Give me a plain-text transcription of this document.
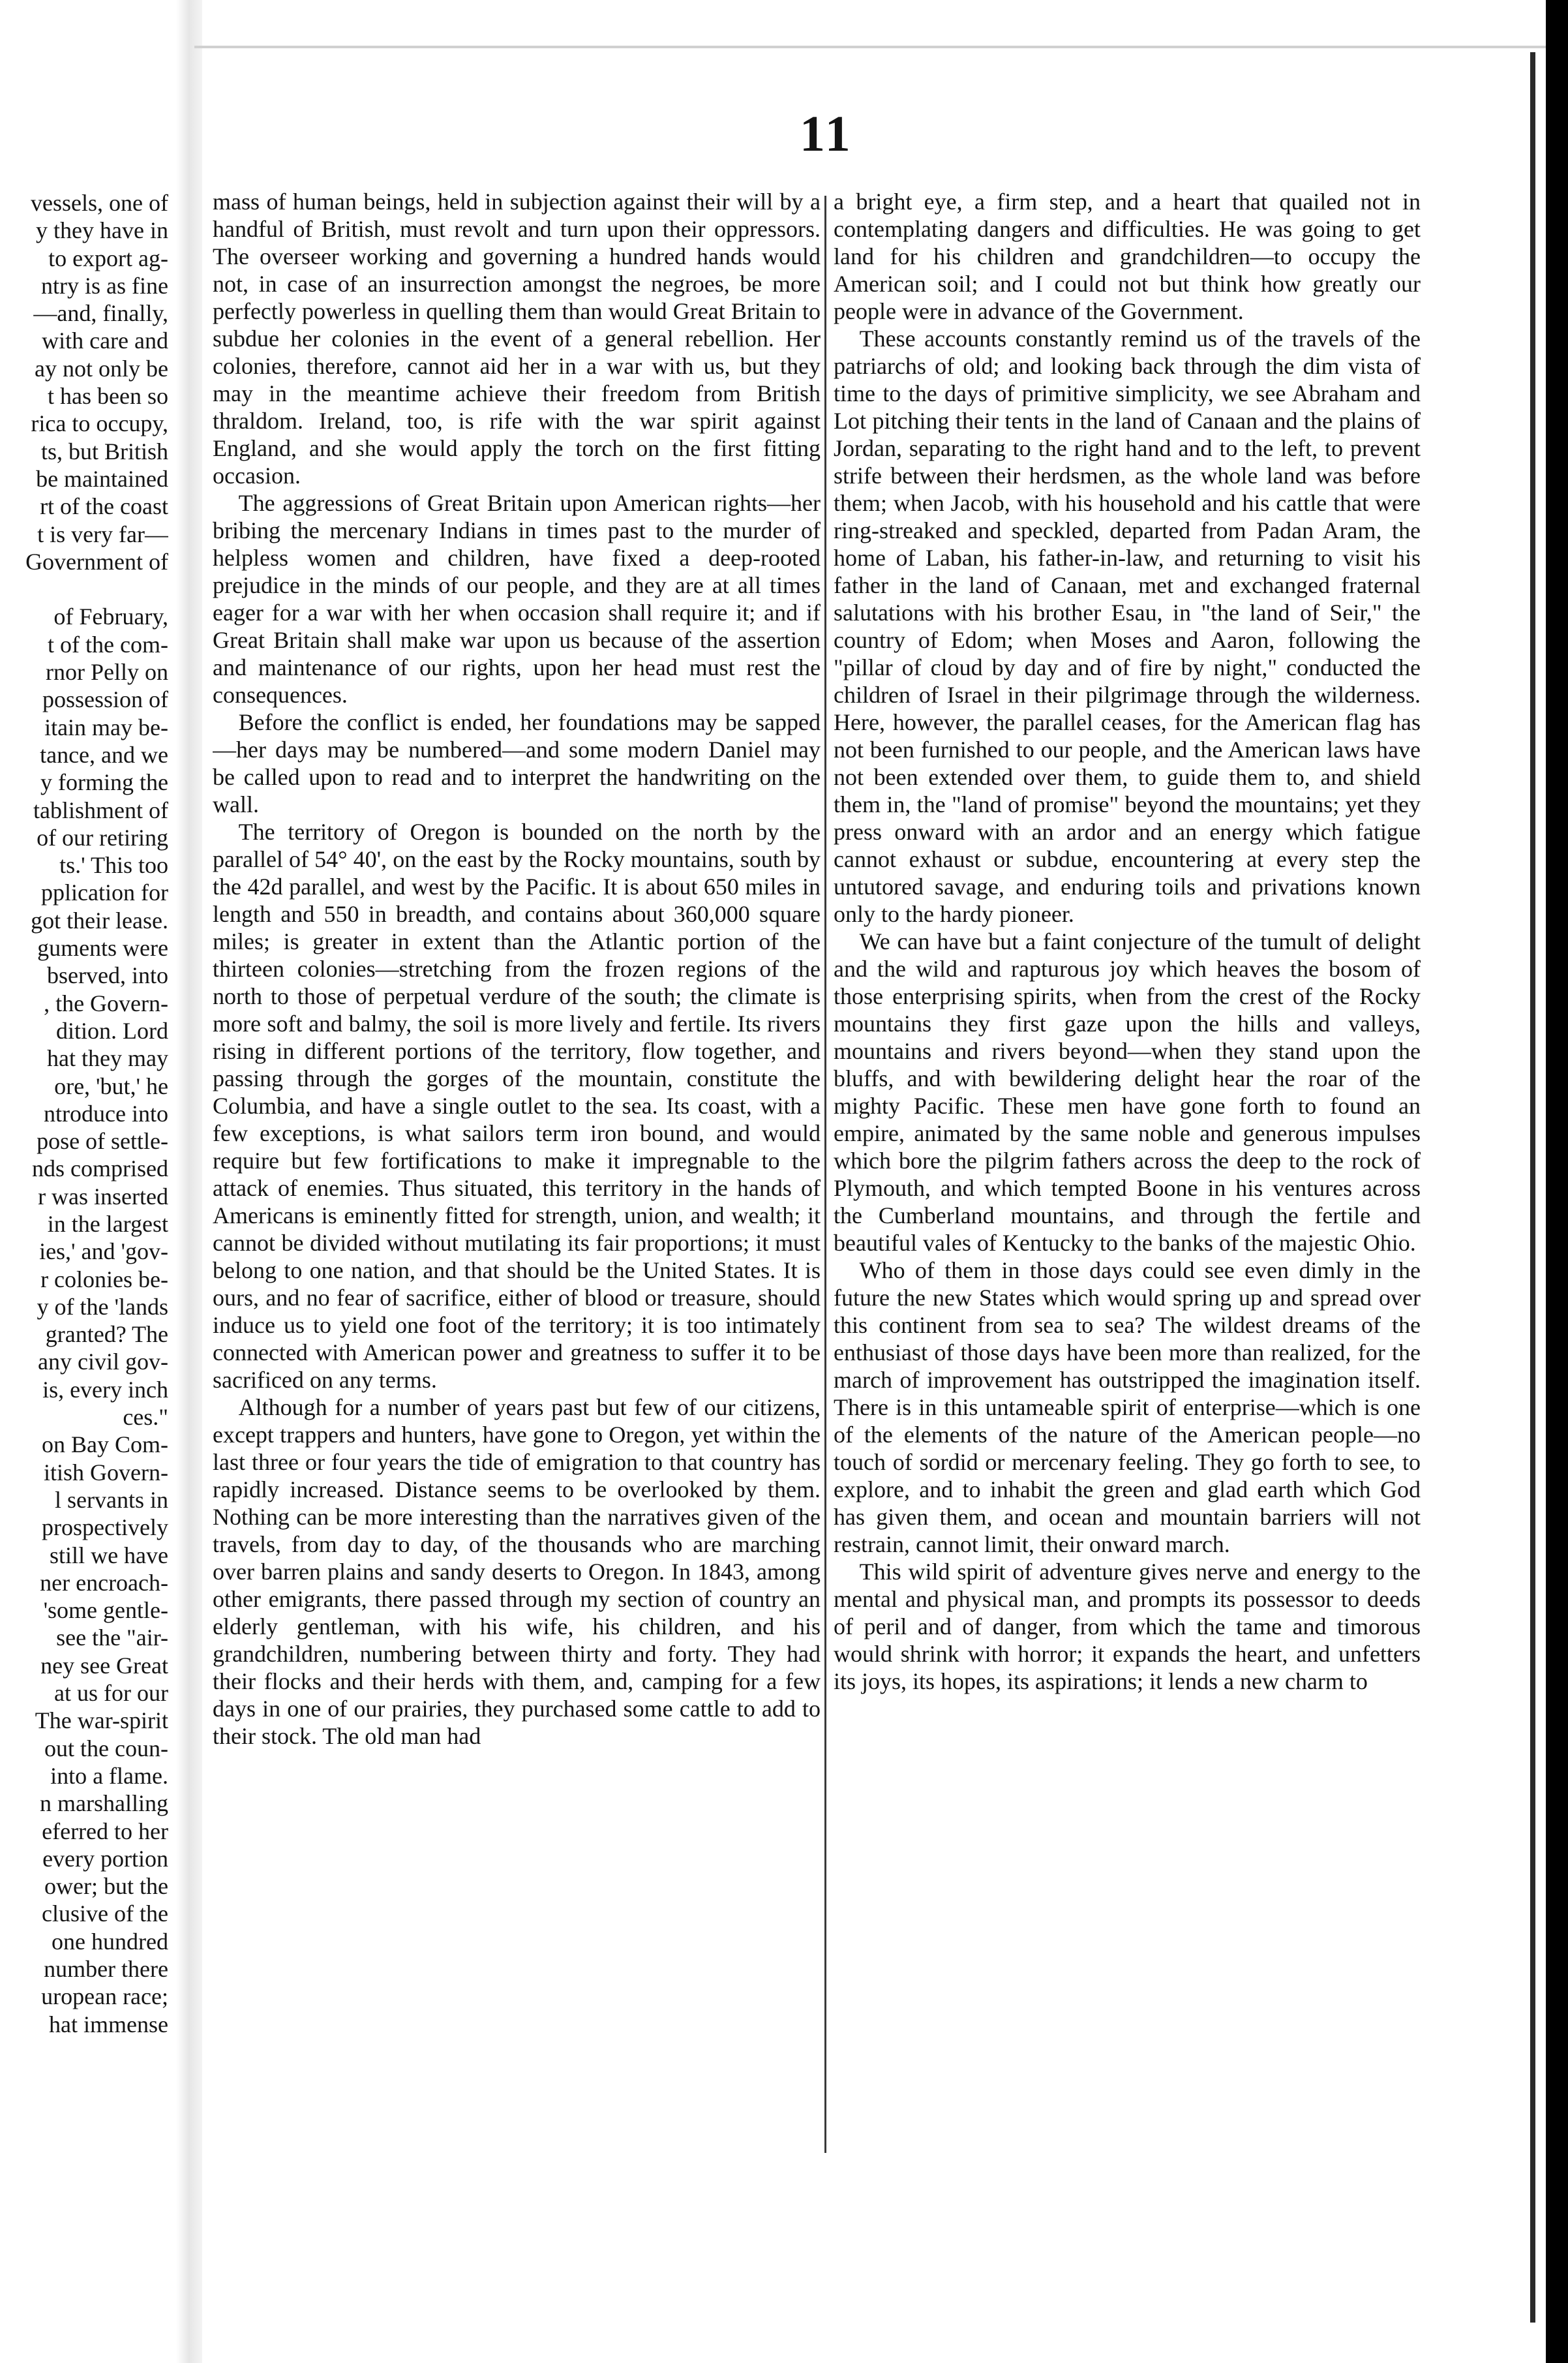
11
vessels, one of
y they have in
to export ag-
ntry is as fine
—and, finally,
with care and
ay not only be
t has been so
rica to occupy,
ts, but British
be maintained
rt of the coast
t is very far—
Government of

of February,
t of the com-
rnor Pelly on
possession of
itain may be-
tance, and we
y forming the
tablishment of
of our retiring
ts.' This too
pplication for
got their lease.
guments were
bserved, into
, the Govern-
dition. Lord
hat they may
ore, 'but,' he
ntroduce into
pose of settle-
nds comprised
r was inserted
in the largest
ies,' and 'gov-
r colonies be-
y of the 'lands
granted? The
any civil gov-
is, every inch
ces."
on Bay Com-
itish Govern-
l servants in
prospectively
still we have
ner encroach-
'some gentle-
see the "air-
ney see Great
at us for our
The war-spirit
out the coun-
into a flame.
n marshalling
eferred to her
every portion
ower; but the
clusive of the
one hundred
number there
uropean race;
hat immense

mass of human beings, held in subjection against their will by a handful of British, must revolt and turn upon their oppressors. The overseer working and governing a hundred hands would not, in case of an insurrection amongst the negroes, be more perfectly powerless in quelling them than would Great Britain to subdue her colonies in the event of a general rebellion. Her colonies, therefore, cannot aid her in a war with us, but they may in the meantime achieve their freedom from British thraldom. Ireland, too, is rife with the war spirit against England, and she would apply the torch on the first fitting occasion.

The aggressions of Great Britain upon American rights—her bribing the mercenary Indians in times past to the murder of helpless women and children, have fixed a deep-rooted prejudice in the minds of our people, and they are at all times eager for a war with her when occasion shall require it; and if Great Britain shall make war upon us because of the assertion and maintenance of our rights, upon her head must rest the consequences.

Before the conflict is ended, her foundations may be sapped—her days may be numbered—and some modern Daniel may be called upon to read and to interpret the handwriting on the wall.

The territory of Oregon is bounded on the north by the parallel of 54° 40', on the east by the Rocky mountains, south by the 42d parallel, and west by the Pacific. It is about 650 miles in length and 550 in breadth, and contains about 360,000 square miles; is greater in extent than the Atlantic portion of the thirteen colonies—stretching from the frozen regions of the north to those of perpetual verdure of the south; the climate is more soft and balmy, the soil is more lively and fertile. Its rivers rising in different portions of the territory, flow together, and passing through the gorges of the mountain, constitute the Columbia, and have a single outlet to the sea. Its coast, with a few exceptions, is what sailors term iron bound, and would require but few fortifications to make it impregnable to the attack of enemies. Thus situated, this territory in the hands of Americans is eminently fitted for strength, union, and wealth; it cannot be divided without mutilating its fair proportions; it must belong to one nation, and that should be the United States. It is ours, and no fear of sacrifice, either of blood or treasure, should induce us to yield one foot of the territory; it is too intimately connected with American power and greatness to suffer it to be sacrificed on any terms.

Although for a number of years past but few of our citizens, except trappers and hunters, have gone to Oregon, yet within the last three or four years the tide of emigration to that country has rapidly increased. Distance seems to be overlooked by them. Nothing can be more interesting than the narratives given of the travels, from day to day, of the thousands who are marching over barren plains and sandy deserts to Oregon. In 1843, among other emigrants, there passed through my section of country an elderly gentleman, with his wife, his children, and his grandchildren, numbering between thirty and forty. They had their flocks and their herds with them, and, camping for a few days in one of our prairies, they purchased some cattle to add to their stock. The old man had

a bright eye, a firm step, and a heart that quailed not in contemplating dangers and difficulties. He was going to get land for his children and grandchildren—to occupy the American soil; and I could not but think how greatly our people were in advance of the Government.

These accounts constantly remind us of the travels of the patriarchs of old; and looking back through the dim vista of time to the days of primitive simplicity, we see Abraham and Lot pitching their tents in the land of Canaan and the plains of Jordan, separating to the right hand and to the left, to prevent strife between their herdsmen, as the whole land was before them; when Jacob, with his household and his cattle that were ring-streaked and speckled, departed from Padan Aram, the home of Laban, his father-in-law, and returning to visit his father in the land of Canaan, met and exchanged fraternal salutations with his brother Esau, in "the land of Seir," the country of Edom; when Moses and Aaron, following the "pillar of cloud by day and of fire by night," conducted the children of Israel in their pilgrimage through the wilderness. Here, however, the parallel ceases, for the American flag has not been furnished to our people, and the American laws have not been extended over them, to guide them to, and shield them in, the "land of promise" beyond the mountains; yet they press onward with an ardor and an energy which fatigue cannot exhaust or subdue, encountering at every step the untutored savage, and enduring toils and privations known only to the hardy pioneer.

We can have but a faint conjecture of the tumult of delight and the wild and rapturous joy which heaves the bosom of those enterprising spirits, when from the crest of the Rocky mountains they first gaze upon the hills and valleys, mountains and rivers beyond—when they stand upon the bluffs, and with bewildering delight hear the roar of the mighty Pacific. These men have gone forth to found an empire, animated by the same noble and generous impulses which bore the pilgrim fathers across the deep to the rock of Plymouth, and which tempted Boone in his ventures across the Cumberland mountains, and through the fertile and beautiful vales of Kentucky to the banks of the majestic Ohio.

Who of them in those days could see even dimly in the future the new States which would spring up and spread over this continent from sea to sea? The wildest dreams of the enthusiast of those days have been more than realized, for the march of improvement has outstripped the imagination itself. There is in this untameable spirit of enterprise—which is one of the elements of the nature of the American people—no touch of sordid or mercenary feeling. They go forth to see, to explore, and to inhabit the green and glad earth which God has given them, and ocean and mountain barriers will not restrain, cannot limit, their onward march.

This wild spirit of adventure gives nerve and energy to the mental and physical man, and prompts its possessor to deeds of peril and of danger, from which the tame and timorous would shrink with horror; it expands the heart, and unfetters its joys, its hopes, its aspirations; it lends a new charm to
